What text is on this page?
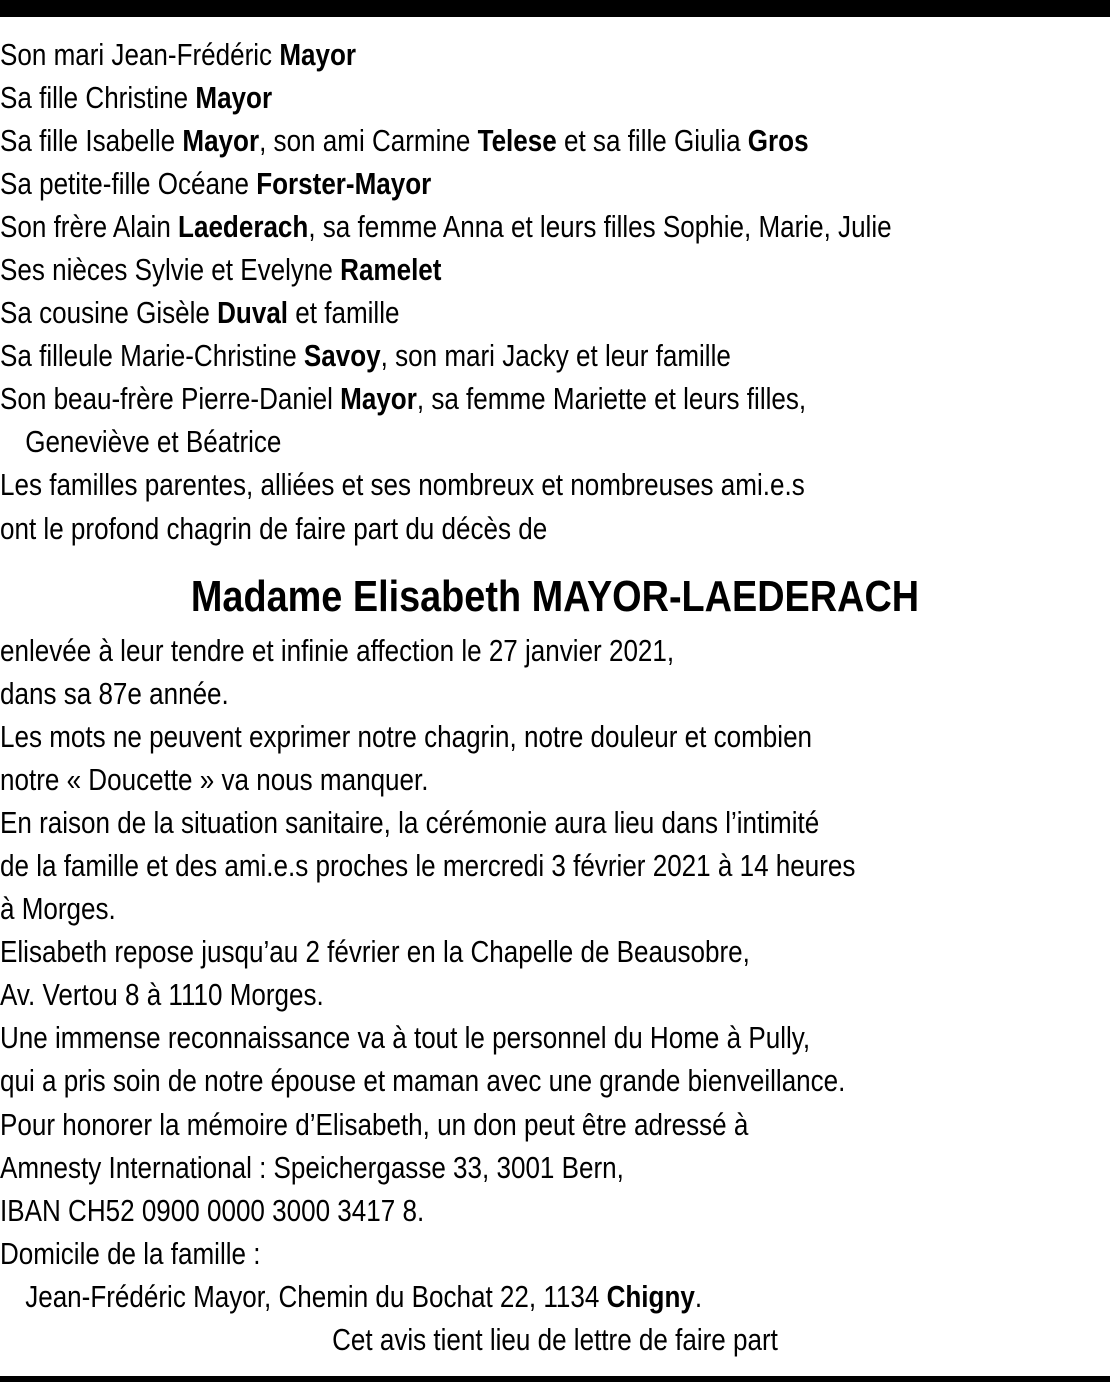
Son mari Jean-Frédéric Mayor
Sa fille Christine Mayor
Sa fille Isabelle Mayor, son ami Carmine Telese et sa fille Giulia Gros
Sa petite-fille Océane Forster-Mayor
Son frère Alain Laederach, sa femme Anna et leurs filles Sophie, Marie, Julie
Ses nièces Sylvie et Evelyne Ramelet
Sa cousine Gisèle Duval et famille
Sa filleule Marie-Christine Savoy, son mari Jacky et leur famille
Son beau-frère Pierre-Daniel Mayor, sa femme Mariette et leurs filles,
Geneviève et Béatrice
Les familles parentes, alliées et ses nombreux et nombreuses ami.e.s
ont le profond chagrin de faire part du décès de
Madame Elisabeth MAYOR-LAEDERACH
enlevée à leur tendre et infinie affection le 27 janvier 2021,
dans sa 87e année.
Les mots ne peuvent exprimer notre chagrin, notre douleur et combien
notre « Doucette » va nous manquer.
En raison de la situation sanitaire, la cérémonie aura lieu dans l’intimité
de la famille et des ami.e.s proches le mercredi 3 février 2021 à 14 heures
à Morges.
Elisabeth repose jusqu’au 2 février en la Chapelle de Beausobre,
Av. Vertou 8 à 1110 Morges.
Une immense reconnaissance va à tout le personnel du Home à Pully,
qui a pris soin de notre épouse et maman avec une grande bienveillance.
Pour honorer la mémoire d’Elisabeth, un don peut être adressé à
Amnesty International : Speichergasse 33, 3001 Bern,
IBAN CH52 0900 0000 3000 3417 8.
Domicile de la famille :
Jean-Frédéric Mayor, Chemin du Bochat 22, 1134 Chigny.
Cet avis tient lieu de lettre de faire part
